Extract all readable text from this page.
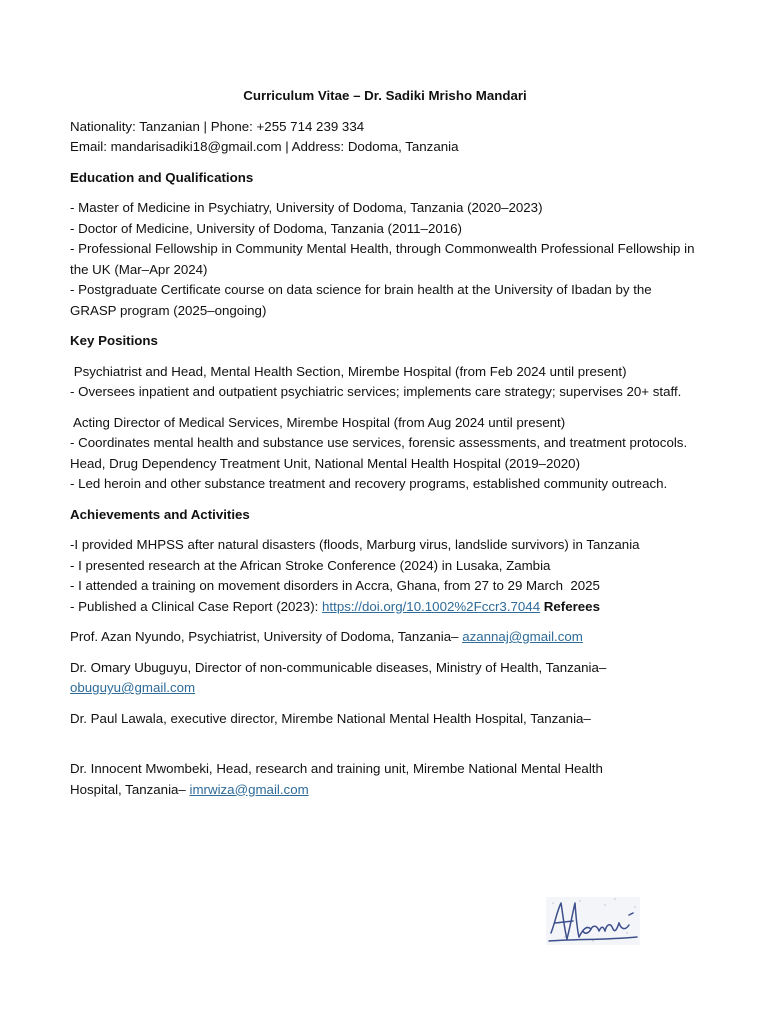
Curriculum Vitae – Dr. Sadiki Mrisho Mandari

Nationality: Tanzanian | Phone: +255 714 239 334

Email: mandarisadiki18@gmail.com | Address: Dodoma, Tanzania

Education and Qualifications

- Master of Medicine in Psychiatry, University of Dodoma, Tanzania (2020–2023)

- Doctor of Medicine, University of Dodoma, Tanzania (2011–2016)

- Professional Fellowship in Community Mental Health, through Commonwealth Professional Fellowship in the UK (Mar–Apr 2024)

- Postgraduate Certificate course on data science for brain health at the University of Ibadan by the GRASP program (2025–ongoing)

Key Positions

Psychiatrist and Head, Mental Health Section, Mirembe Hospital (from Feb 2024 until present)

- Oversees inpatient and outpatient psychiatric services; implements care strategy; supervises 20+ staff.

Acting Director of Medical Services, Mirembe Hospital (from Aug 2024 until present)

- Coordinates mental health and substance use services, forensic assessments, and treatment protocols.

Head, Drug Dependency Treatment Unit, National Mental Health Hospital (2019–2020)

- Led heroin and other substance treatment and recovery programs, established community outreach.

Achievements and Activities

-I provided MHPSS after natural disasters (floods, Marburg virus, landslide survivors) in Tanzania

- I presented research at the African Stroke Conference (2024) in Lusaka, Zambia

- I attended a training on movement disorders in Accra, Ghana, from 27 to 29 March  2025

- Published a Clinical Case Report (2023): https://doi.org/10.1002%2Fccr3.7044 Referees

Prof. Azan Nyundo, Psychiatrist, University of Dodoma, Tanzania– azannaj@gmail.com

Dr. Omary Ubuguyu, Director of non-communicable diseases, Ministry of Health, Tanzania–

obuguyu@gmail.com

Dr. Paul Lawala, executive director, Mirembe National Mental Health Hospital, Tanzania–

Dr. Innocent Mwombeki, Head, research and training unit, Mirembe National Mental Health

Hospital, Tanzania– imrwiza@gmail.com
